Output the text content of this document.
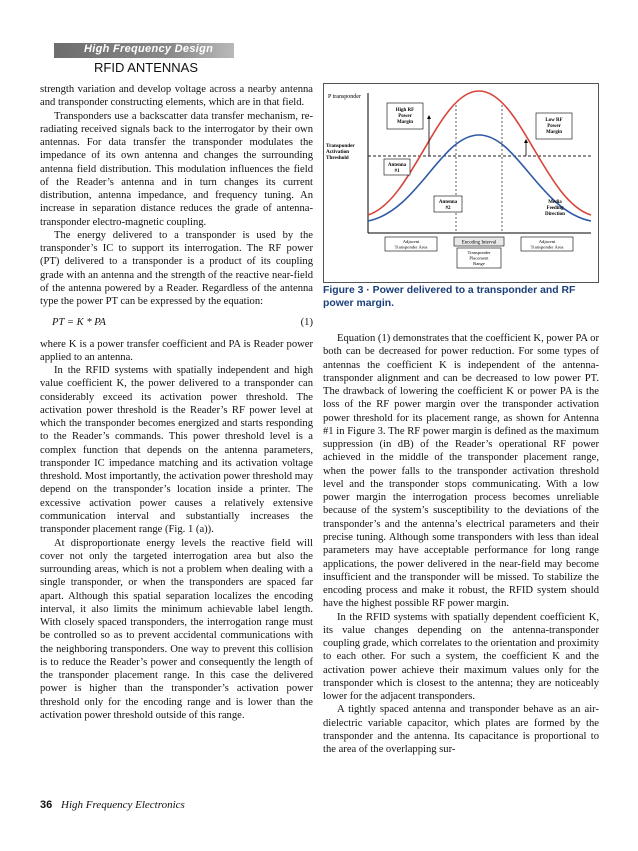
High Frequency Design
RFID ANTENNAS

strength variation and develop voltage across a nearby antenna and transponder constructing elements, which are in that field.

Transponders use a backscatter data transfer mechanism, re-radiating received signals back to the interrogator by their own antennas. For data transfer the transponder modulates the impedance of its own antenna and changes the surrounding antenna field distribution. This modulation influences the field of the Reader’s antenna and in turn changes its current distribution, antenna impedance, and frequency tuning. An increase in separation distance reduces the grade of antenna-transponder electro-magnetic coupling.

The energy delivered to a transponder is used by the transponder’s IC to support its interrogation. The RF power (PT) delivered to a transponder is a product of its coupling grade with an antenna and the strength of the reactive near-field of the antenna powered by a Reader. Regardless of the antenna type the power PT can be expressed by the equation:

PT = K * PA	(1)

where K is a power transfer coefficient and PA is Reader power applied to an antenna.

In the RFID systems with spatially independent and high value coefficient K, the power delivered to a transponder can considerably exceed its activation power threshold. The activation power threshold is the Reader’s RF power level at which the transponder becomes energized and starts responding to the Reader’s commands. This power threshold level is a complex function that depends on the antenna parameters, transponder IC impedance matching and its activation voltage threshold. Most importantly, the activation power threshold may depend on the transponder’s location inside a printer. The excessive activation power causes a relatively extensive communication interval and substantially increases the transponder placement range (Fig. 1 (a)).

At disproportionate energy levels the reactive field will cover not only the targeted interrogation area but also the surrounding areas, which is not a problem when dealing with a single transponder, or when the transponders are spaced far apart. Although this spatial separation localizes the encoding interval, it also limits the minimum achievable label length. With closely spaced transponders, the interrogation range must be controlled so as to prevent accidental communications with the neighboring transponders. One way to prevent this collision is to reduce the Reader’s power and consequently the length of the transponder placement range. In this case the delivered power is higher than the transponder’s activation power threshold only for the encoding range and is lower than the activation power threshold outside of this range.

P transponder
Transponder Activation Threshold
High RF Power Margin	Low RF Power Margin
Antenna #1
Antenna #2
Media Feeding Direction
Adjacent Transponder Area
Encoding Interval	Adjacent Transponder Area
Transponder Placement Range
Figure 3 · Power delivered to a transponder and RF power margin.

Equation (1) demonstrates that the coefficient K, power PA or both can be decreased for power reduction. For some types of antennas the coefficient K is independent of the antenna-transponder alignment and can be decreased to low power PT. The drawback of lowering the coefficient K or power PA is the loss of the RF power margin over the transponder activation power threshold for its placement range, as shown for Antenna #1 in Figure 3. The RF power margin is defined as the maximum suppression (in dB) of the Reader’s operational RF power achieved in the middle of the transponder placement range, when the power falls to the transponder activation threshold level and the transponder stops communicating. With a low power margin the interrogation process becomes unreliable because of the system’s susceptibility to the deviations of the transponder’s and the antenna’s electrical parameters and their precise tuning. Although some transponders with less than ideal parameters may have acceptable performance for long range applications, the power delivered in the near-field may become insufficient and the transponder will be missed. To stabilize the encoding process and make it robust, the RFID system should have the highest possible RF power margin.

In the RFID systems with spatially dependent coefficient K, its value changes depending on the antenna-transponder coupling grade, which correlates to the orientation and proximity to each other. For such a system, the coefficient K and the activation power achieve their maximum values only for the transponder which is closest to the antenna; they are noticeably lower for the adjacent transponders.

A tightly spaced antenna and transponder behave as an air-dielectric variable capacitor, which plates are formed by the transponder and the antenna. Its capacitance is proportional to the area of the overlapping sur-

36 High Frequency Electronics
